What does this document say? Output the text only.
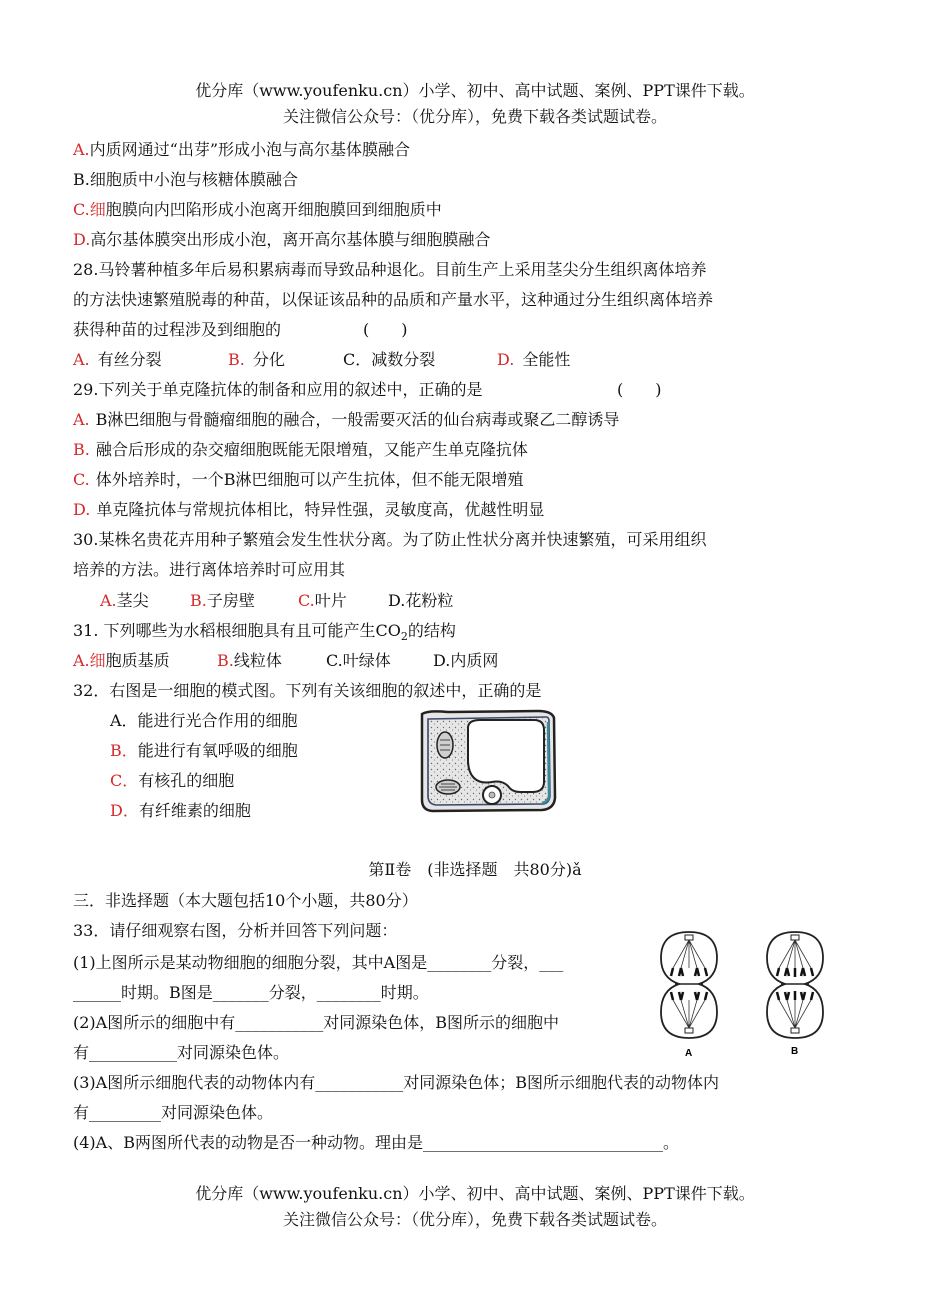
优分库（www.youfenku.cn）小学、初中、高中试题、案例、PPT课件下载。
关注微信公众号：（优分库），免费下载各类试题试卷。
A.内质网通过“出芽”形成小泡与高尔基体膜融合
B.细胞质中小泡与核糖体膜融合
C.细胞膜向内凹陷形成小泡离开细胞膜回到细胞质中
D.高尔基体膜突出形成小泡，离开高尔基体膜与细胞膜融合
28.马铃薯种植多年后易积累病毒而导致品种退化。目前生产上采用茎尖分生组织离体培养
的方法快速繁殖脱毒的种苗，以保证该品种的品质和产量水平，这种通过分生组织离体培养
获得种苗的过程涉及到细胞的	(　　)
A. 有丝分裂	B. 分化	C．减数分裂	D. 全能性
29.下列关于单克隆抗体的制备和应用的叙述中，正确的是	(　　)
A. B淋巴细胞与骨髓瘤细胞的融合，一般需要灭活的仙台病毒或聚乙二醇诱导
B. 融合后形成的杂交瘤细胞既能无限增殖，又能产生单克隆抗体
C. 体外培养时，一个B淋巴细胞可以产生抗体，但不能无限增殖
D. 单克隆抗体与常规抗体相比，特异性强，灵敏度高，优越性明显
30.某株名贵花卉用种子繁殖会发生性状分离。为了防止性状分离并快速繁殖，可采用组织
培养的方法。进行离体培养时可应用其
A.茎尖	B.子房壁	C.叶片	D.花粉粒
31. 下列哪些为水稻根细胞具有且可能产生$CO_2$的结构
A.细胞质基质	B.线粒体	C.叶绿体	D.内质网
32．右图是一细胞的模式图。下列有关该细胞的叙述中，正确的是
A．能进行光合作用的细胞
B．能进行有氧呼吸的细胞
C．有核孔的细胞
D．有纤维素的细胞
第Ⅱ卷　(非选择题　共80分)ǎ
三．非选择题（本大题包括10个小题，共80分）
33．请仔细观察右图，分析并回答下列问题：
(1)上图所示是某动物细胞的细胞分裂，其中A图是________分裂，___
______时期。B图是_______分裂，________时期。
(2)A图所示的细胞中有___________对同源染色体，B图所示的细胞中
有___________对同源染色体。
(3)A图所示细胞代表的动物体内有___________对同源染色体；B图所示细胞代表的动物体内
有_________对同源染色体。
(4)A、B两图所代表的动物是否一种动物。理由是______________________________。
A	B
优分库（www.youfenku.cn）小学、初中、高中试题、案例、PPT课件下载。
关注微信公众号：（优分库），免费下载各类试题试卷。
